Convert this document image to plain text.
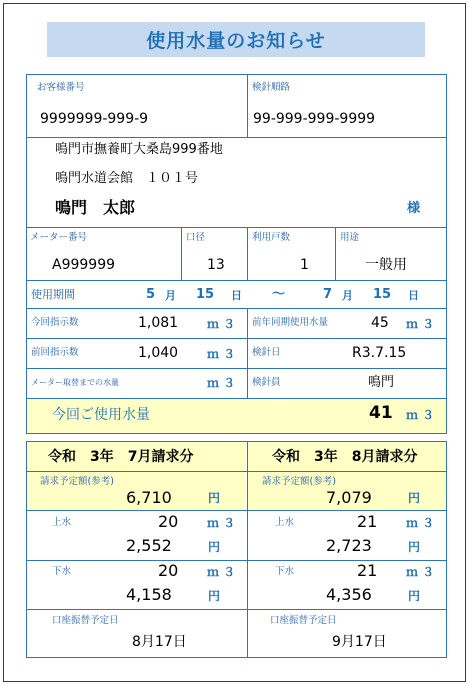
使用水量のお知らせ
お客様番号
9999999-999-9
検針順路
99-999-999-9999
鳴門市撫養町大桑島999番地
鳴門水道会館　１０１号
鳴門　太郎	様
メーター番号
A999999
口径
13
利用戸数
1
用途
一般用
使用期間	5 月 15 日 ～	7 月 15 日
今回指示数	1,081 ｍ ３ 前年同期使用水量	45 ｍ ３
前回指示数	1,040 ｍ ３ 検針日	R3.7.15
メーター取替までの水量	ｍ ３ 検針員	鳴門
今回ご使用水量	41 ｍ ３
令和　3年　7月請求分	令和　3年　8月請求分
請求予定額(参考)
6,710	円
請求予定額(参考)
7,079	円
上水	20 ｍ ３
2,552	円
上水	21 ｍ ３
2,723	円
下水	20 ｍ ３
4,158	円
下水	21 ｍ ３
4,356	円
口座振替予定日
8月17日
口座振替予定日
9月17日
